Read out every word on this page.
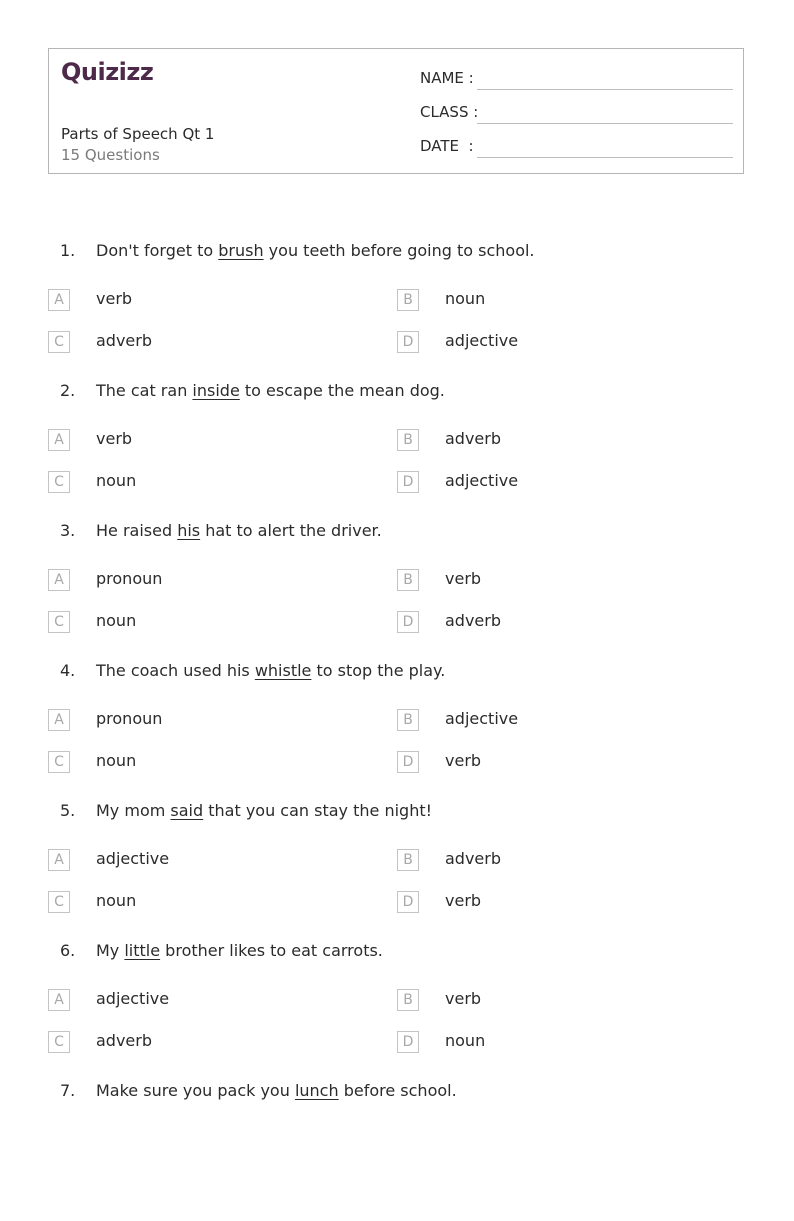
Quizizz
Parts of Speech Qt 1
15 Questions
NAME :
CLASS :
DATE  :
1. Don't forget to brush you teeth before going to school.
A	verb	B	noun
C	adverb	D	adjective
2. The cat ran inside to escape the mean dog.
A	verb	B	adverb
C	noun	D	adjective
3. He raised his hat to alert the driver.
A	pronoun	B	verb
C	noun	D	adverb
4. The coach used his whistle to stop the play.
A	pronoun	B	adjective
C	noun	D	verb
5. My mom said that you can stay the night!
A	adjective	B	adverb
C	noun	D	verb
6. My little brother likes to eat carrots.
A	adjective	B	verb
C	adverb	D	noun
7. Make sure you pack you lunch before school.
